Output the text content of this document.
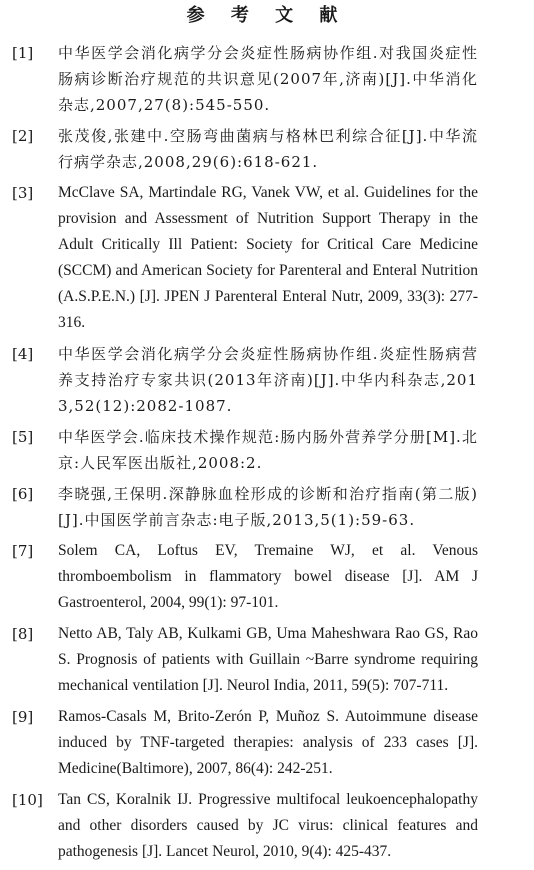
参 考 文 献
[1] 中华医学会消化病学分会炎症性肠病协作组.对我国炎症性肠病诊断治疗规范的共识意见(2007年,济南)[J].中华消化杂志,2007,27(8):545-550.
[2] 张茂俊,张建中.空肠弯曲菌病与格林巴利综合征[J].中华流行病学杂志,2008,29(6):618-621.
[3] McClave SA, Martindale RG, Vanek VW, et al. Guidelines for the provision and Assessment of Nutrition Support Therapy in the Adult Critically Ill Patient: Society for Critical Care Medicine (SCCM) and American Society for Parenteral and Enteral Nutrition (A.S.P.E.N.) [J]. JPEN J Parenteral Enteral Nutr, 2009, 33(3): 277-316.
[4] 中华医学会消化病学分会炎症性肠病协作组.炎症性肠病营养支持治疗专家共识(2013年济南)[J].中华内科杂志,2013,52(12):2082-1087.
[5] 中华医学会.临床技术操作规范:肠内肠外营养学分册[M].北京:人民军医出版社,2008:2.
[6] 李晓强,王保明.深静脉血栓形成的诊断和治疗指南(第二版)[J].中国医学前言杂志:电子版,2013,5(1):59-63.
[7] Solem CA, Loftus EV, Tremaine WJ, et al. Venous thromboembolism in flammatory bowel disease [J]. AM J Gastroenterol, 2004, 99(1): 97-101.
[8] Netto AB, Taly AB, Kulkami GB, Uma Maheshwara Rao GS, Rao S. Prognosis of patients with Guillain ~Barre syndrome requiring mechanical ventilation [J]. Neurol India, 2011, 59(5): 707-711.
[9] Ramos-Casals M, Brito-Zerón P, Muñoz S. Autoimmune disease induced by TNF-targeted therapies: analysis of 233 cases [J]. Medicine(Baltimore), 2007, 86(4): 242-251.
[10] Tan CS, Koralnik IJ. Progressive multifocal leukoencephalopathy and other disorders caused by JC virus: clinical features and pathogenesis [J]. Lancet Neurol, 2010, 9(4): 425-437.
